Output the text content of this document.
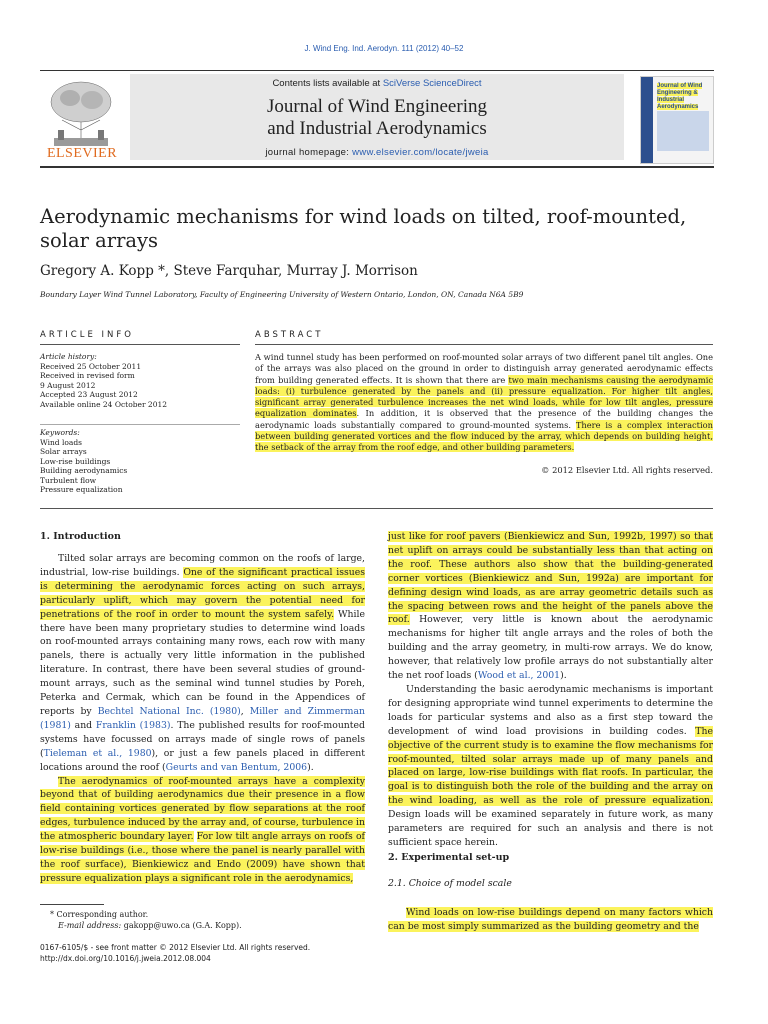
J. Wind Eng. Ind. Aerodyn. 111 (2012) 40–52
ELSEVIER
Contents lists available at SciVerse ScienceDirect
Journal of Wind Engineering
and Industrial Aerodynamics
journal homepage: www.elsevier.com/locate/jweia
Journal of Wind Engineering & Industrial Aerodynamics
Aerodynamic mechanisms for wind loads on tilted, roof-mounted,
solar arrays
Gregory A. Kopp *, Steve Farquhar, Murray J. Morrison
Boundary Layer Wind Tunnel Laboratory, Faculty of Engineering University of Western Ontario, London, ON, Canada N6A 5B9
ARTICLE INFO	ABSTRACT
Article history:
Received 25 October 2011
Received in revised form
9 August 2012
Accepted 23 August 2012
Available online 24 October 2012
Keywords:
Wind loads
Solar arrays
Low-rise buildings
Building aerodynamics
Turbulent flow
Pressure equalization
A wind tunnel study has been performed on roof-mounted solar arrays of two different panel tilt angles. One of the arrays was also placed on the ground in order to distinguish array generated aerodynamic effects from building generated effects. It is shown that there are two main mechanisms causing the aerodynamic loads: (i) turbulence generated by the panels and (ii) pressure equalization. For higher tilt angles, significant array generated turbulence increases the net wind loads, while for low tilt angles, pressure equalization dominates. In addition, it is observed that the presence of the building changes the aerodynamic loads substantially compared to ground-mounted systems. There is a complex interaction between building generated vortices and the flow induced by the array, which depends on building height, the setback of the array from the roof edge, and other building parameters.
© 2012 Elsevier Ltd. All rights reserved.
1. Introduction

Tilted solar arrays are becoming common on the roofs of large, industrial, low-rise buildings. One of the significant practical issues is determining the aerodynamic forces acting on such arrays, particularly uplift, which may govern the potential need for penetrations of the roof in order to mount the system safely. While there have been many proprietary studies to determine wind loads on roof-mounted arrays containing many rows, each row with many panels, there is actually very little information in the published literature. In contrast, there have been several studies of ground-mount arrays, such as the seminal wind tunnel studies by Poreh, Peterka and Cermak, which can be found in the Appendices of reports by Bechtel National Inc. (1980), Miller and Zimmerman (1981) and Franklin (1983). The published results for roof-mounted systems have focussed on arrays made of single rows of panels (Tieleman et al., 1980), or just a few panels placed in different locations around the roof (Geurts and van Bentum, 2006).

The aerodynamics of roof-mounted arrays have a complexity beyond that of building aerodynamics due their presence in a flow field containing vortices generated by flow separations at the roof edges, turbulence induced by the array and, of course, turbulence in the atmospheric boundary layer. For low tilt angle arrays on roofs of low-rise buildings (i.e., those where the panel is nearly parallel with the roof surface), Bienkiewicz and Endo (2009) have shown that pressure equalization plays a significant role in the aerodynamics,

just like for roof pavers (Bienkiewicz and Sun, 1992b, 1997) so that net uplift on arrays could be substantially less than that acting on the roof. These authors also show that the building-generated corner vortices (Bienkiewicz and Sun, 1992a) are important for defining design wind loads, as are array geometric details such as the spacing between rows and the height of the panels above the roof. However, very little is known about the aerodynamic mechanisms for higher tilt angle arrays and the roles of both the building and the array geometry, in multi-row arrays. We do know, however, that relatively low profile arrays do not substantially alter the net roof loads (Wood et al., 2001).

Understanding the basic aerodynamic mechanisms is important for designing appropriate wind tunnel experiments to determine the loads for particular systems and also as a first step toward the development of wind load provisions in building codes. The objective of the current study is to examine the flow mechanisms for roof-mounted, tilted solar arrays made up of many panels and placed on large, low-rise buildings with flat roofs. In particular, the goal is to distinguish both the role of the building and the array on the wind loading, as well as the role of pressure equalization. Design loads will be examined separately in future work, as many parameters are required for such an analysis and there is not sufficient space herein.

2. Experimental set-up
2.1. Choice of model scale

Wind loads on low-rise buildings depend on many factors which can be most simply summarized as the building geometry and the

* Corresponding author.
E-mail address: gakopp@uwo.ca (G.A. Kopp).
0167-6105/$ - see front matter © 2012 Elsevier Ltd. All rights reserved.
http://dx.doi.org/10.1016/j.jweia.2012.08.004
